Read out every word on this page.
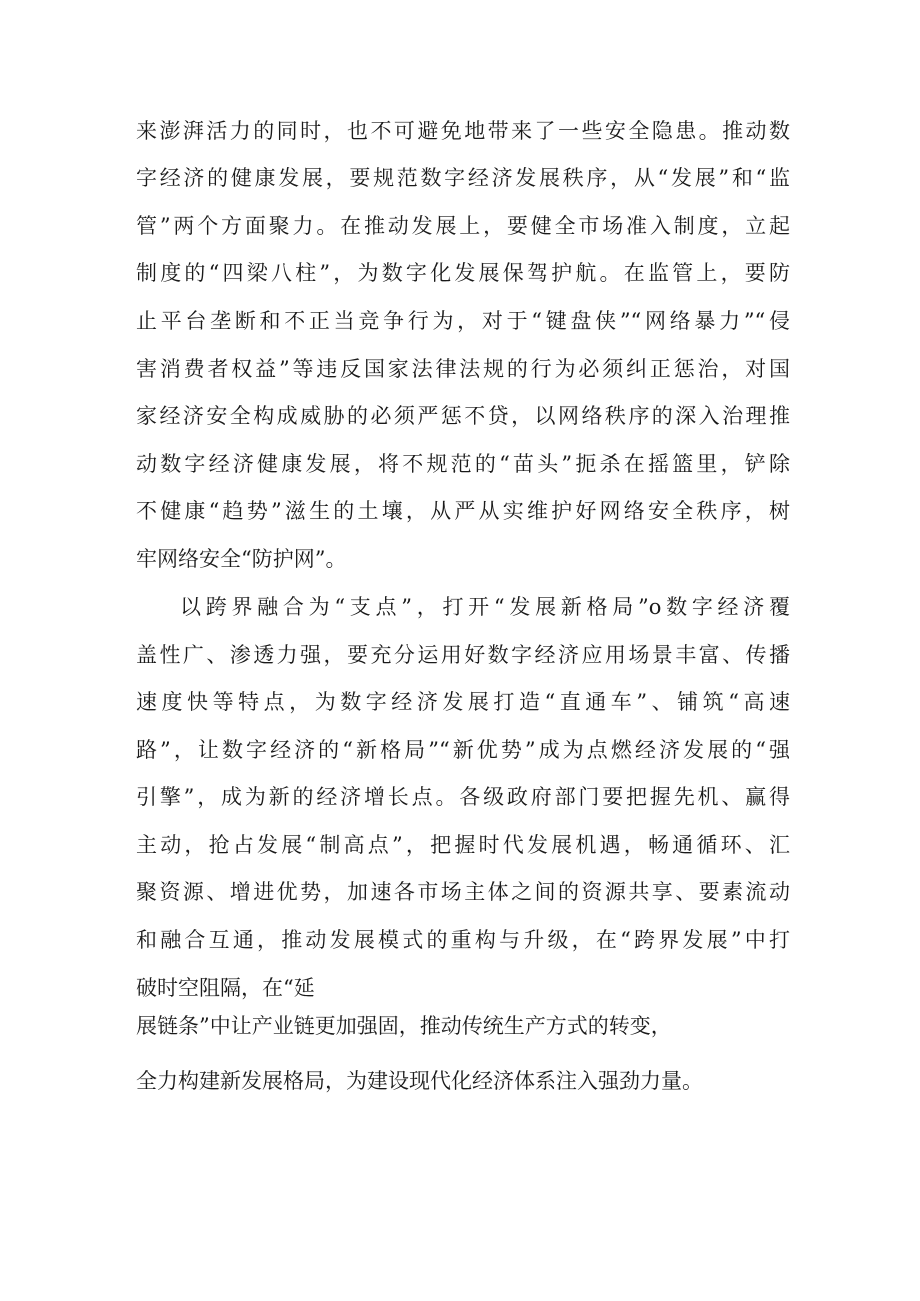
来澎湃活力的同时，也不可避免地带来了一些安全隐患。推动数
字经济的健康发展，要规范数字经济发展秩序，从“发展”和“监
管”两个方面聚力。在推动发展上，要健全市场准入制度，立起
制度的“四梁八柱”，为数字化发展保驾护航。在监管上，要防
止平台垄断和不正当竞争行为，对于“键盘侠”“网络暴力”“侵
害消费者权益”等违反国家法律法规的行为必须纠正惩治，对国
家经济安全构成威胁的必须严惩不贷，以网络秩序的深入治理推
动数字经济健康发展，将不规范的“苗头”扼杀在摇篮里，铲除
不健康“趋势”滋生的土壤，从严从实维护好网络安全秩序，树
牢网络安全“防护网”。
以跨界融合为“支点”，打开“发展新格局”o数字经济覆
盖性广、渗透力强，要充分运用好数字经济应用场景丰富、传播
速度快等特点，为数字经济发展打造“直通车”、铺筑“高速
路”，让数字经济的“新格局”“新优势”成为点燃经济发展的“强
引擎”，成为新的经济增长点。各级政府部门要把握先机、赢得
主动，抢占发展“制高点”，把握时代发展机遇，畅通循环、汇
聚资源、增进优势，加速各市场主体之间的资源共享、要素流动
和融合互通，推动发展模式的重构与升级，在“跨界发展”中打
破时空阻隔，在“延
展链条”中让产业链更加强固，推动传统生产方式的转变，
全力构建新发展格局，为建设现代化经济体系注入强劲力量。
